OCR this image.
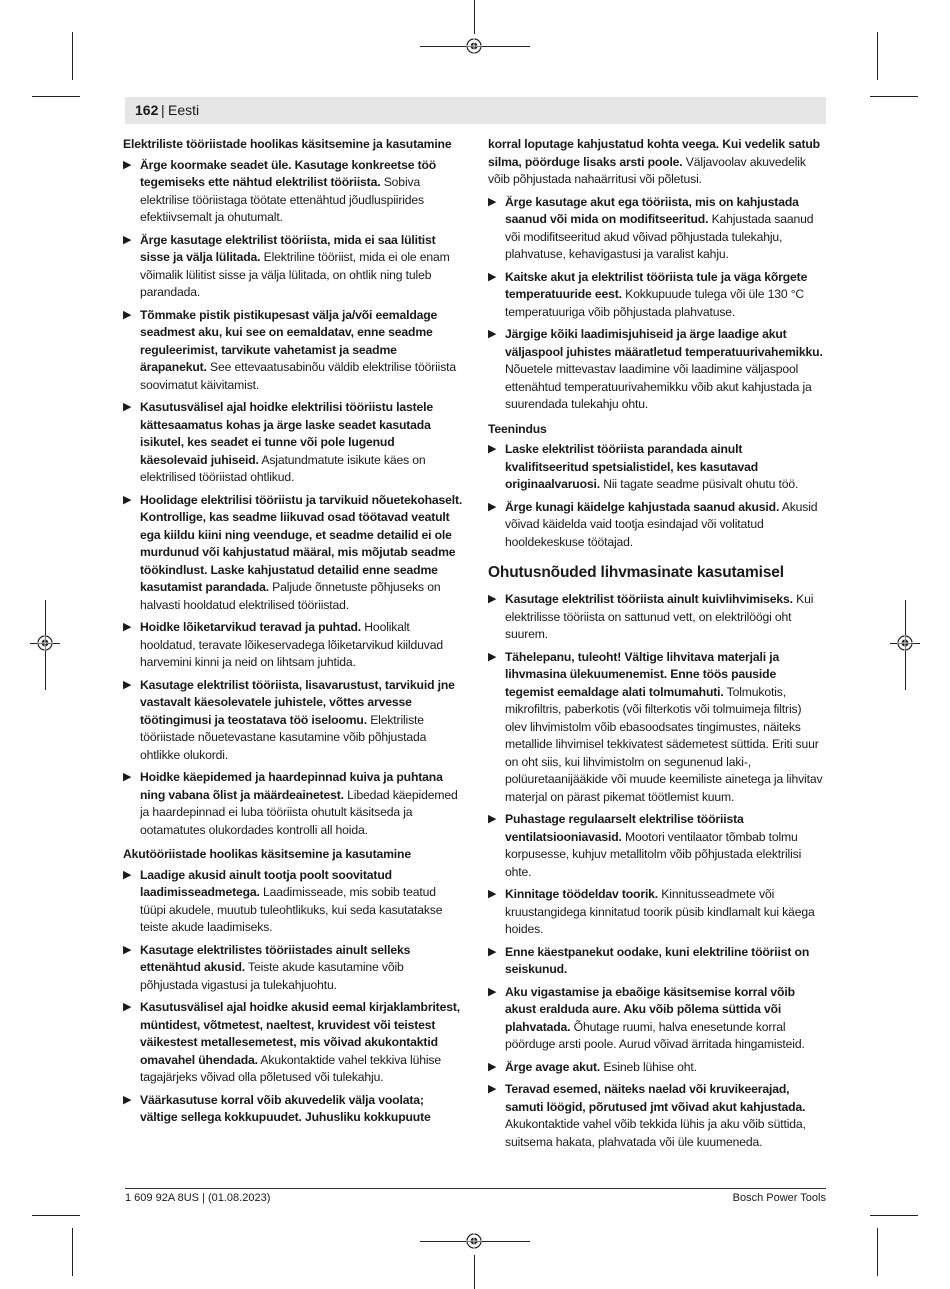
162 | Eesti
Elektriliste tööriistade hoolikas käsitsemine ja kasutamine
▶ Ärge koormake seadet üle. Kasutage konkreetse töö tegemiseks ette nähtud elektrilist tööriista. Sobiva elektrilise tööriistaga töötate ettenähtud jõudluspiirides efektiivsemalt ja ohutumalt.
▶ Ärge kasutage elektrilist tööriista, mida ei saa lülitist sisse ja välja lülitada. Elektriline tööriist, mida ei ole enam võimalik lülitist sisse ja välja lülitada, on ohtlik ning tuleb parandada.
▶ Tõmmake pistik pistikupesast välja ja/või eemaldage seadmest aku, kui see on eemaldatav, enne seadme reguleerimist, tarvikute vahetamist ja seadme ärapanekut. See ettevaatusabinõu väldib elektrilise tööriista soovimatut käivitamist.
▶ Kasutusvälisel ajal hoidke elektrilisi tööriistu lastele kättesaamatus kohas ja ärge laske seadet kasutada isikutel, kes seadet ei tunne või pole lugenud käesolevaid juhiseid. Asjatundmatute isikute käes on elektrilised tööriistad ohtlikud.
▶ Hoolidage elektrilisi tööriistu ja tarvikuid nõuetekohaselt. Kontrollige, kas seadme liikuvad osad töötavad veatult ega kiildu kiini ning veenduge, et seadme detailid ei ole murdunud või kahjustatud määral, mis mõjutab seadme töökindlust. Laske kahjustatud detailid enne seadme kasutamist parandada. Paljude õnnetuste põhjuseks on halvasti hooldatud elektrilised tööriistad.
▶ Hoidke lõiketarvikud teravad ja puhtad. Hoolikalt hooldatud, teravate lõikeservadega lõiketarvikud kiilduvad harvemini kinni ja neid on lihtsam juhtida.
▶ Kasutage elektrilist tööriista, lisavarustust, tarvikuid jne vastavalt käesolevatele juhistele, võttes arvesse töötingimusi ja teostatava töö iseloomu. Elektriliste tööriistade nõuetevastane kasutamine võib põhjustada ohtlikke olukordi.
▶ Hoidke käepidemed ja haardepinnad kuiva ja puhtana ning vabana õlist ja määrdeainetest. Libedad käepidemed ja haardepinnad ei luba tööriista ohutult käsitseda ja ootamatutes olukordades kontrolli all hoida.
Akutööriistade hoolikas käsitsemine ja kasutamine
▶ Laadige akusid ainult tootja poolt soovitatud laadimisseadmetega. Laadimisseade, mis sobib teatud tüüpi akudele, muutub tuleohtlikuks, kui seda kasutatakse teiste akude laadimiseks.
▶ Kasutage elektrilistes tööriistades ainult selleks ettenähtud akusid. Teiste akude kasutamine võib põhjustada vigastusi ja tulekahjuohtu.
▶ Kasutusvälisel ajal hoidke akusid eemal kirjaklambritest, müntidest, võtmetest, naeltest, kruvidest või teistest väikestest metallesemetest, mis võivad akukontaktid omavahel ühendada. Akukontaktide vahel tekkiva lühise tagajärjeks võivad olla põletused või tulekahju.
▶ Väärkasutuse korral võib akuvedelik välja voolata; vältige sellega kokkupuudet. Juhusliku kokkupuute
korral loputage kahjustatud kohta veega. Kui vedelik satub silma, pöörduge lisaks arsti poole. Väljavoolav akuvedelik võib põhjustada nahaärritusi või põletusi.
▶ Ärge kasutage akut ega tööriista, mis on kahjustada saanud või mida on modifitseeritud. Kahjustada saanud või modifitseeritud akud võivad põhjustada tulekahju, plahvatuse, kehavigastusi ja varalist kahju.
▶ Kaitske akut ja elektrilist tööriista tule ja väga kõrgete temperatuuride eest. Kokkupuude tulega või üle 130 °C temperatuuriga võib põhjustada plahvatuse.
▶ Järgige kõiki laadimisjuhiseid ja ärge laadige akut väljaspool juhistes määratletud temperatuurivahemikku. Nõuetele mittevastav laadimine või laadimine väljaspool ettenähtud temperatuurivahemikku võib akut kahjustada ja suurendada tulekahju ohtu.
Teenindus
▶ Laske elektrilist tööriista parandada ainult kvalifitseeritud spetsialistidel, kes kasutavad originaalvaruosi. Nii tagate seadme püsivalt ohutu töö.
▶ Ärge kunagi käidelge kahjustada saanud akusid. Akusid võivad käidelda vaid tootja esindajad või volitatud hooldekeskuse töötajad.
Ohutusnõuded lihvmasinate kasutamisel
▶ Kasutage elektrilist tööriista ainult kuivlihvimiseks. Kui elektrilisse tööriista on sattunud vett, on elektrilöögi oht suurem.
▶ Tähelepanu, tuleoht! Vältige lihvitava materjali ja lihvmasina ülekuumenemist. Enne töös pauside tegemist eemaldage alati tolmumahuti. Tolmukotis, mikrofiltris, paberkotis (või filterkotis või tolmuimeja filtris) olev lihvimistolm võib ebasoodsates tingimustes, näiteks metallide lihvimisel tekkivatest sädemetest süttida. Eriti suur on oht siis, kui lihvimistolm on segunenud laki-, polüuretaanijääkide või muude keemiliste ainetega ja lihvitav materjal on pärast pikemat töötlemist kuum.
▶ Puhastage regulaarselt elektrilise tööriista ventilatsiooniavasid. Mootori ventilaator tõmbab tolmu korpusesse, kuhjuv metallitolm võib põhjustada elektrilisi ohte.
▶ Kinnitage töödeldav toorik. Kinnitusseadmete või kruustangidega kinnitatud toorik püsib kindlamalt kui käega hoides.
▶ Enne käestpanekut oodake, kuni elektriline tööriist on seiskunud.
▶ Aku vigastamise ja ebaõige käsitsemise korral võib akust eralduda aure. Aku võib põlema süttida või plahvatada. Õhutage ruumi, halva enesetunde korral pöörduge arsti poole. Aurud võivad ärritada hingamisteid.
▶ Ärge avage akut. Esineb lühise oht.
▶ Teravad esemed, näiteks naelad või kruvikeerajad, samuti löögid, põrutused jmt võivad akut kahjustada. Akukontaktide vahel võib tekkida lühis ja aku võib süttida, suitsema hakata, plahvatada või üle kuumeneda.
1 609 92A 8US | (01.08.2023)	Bosch Power Tools
